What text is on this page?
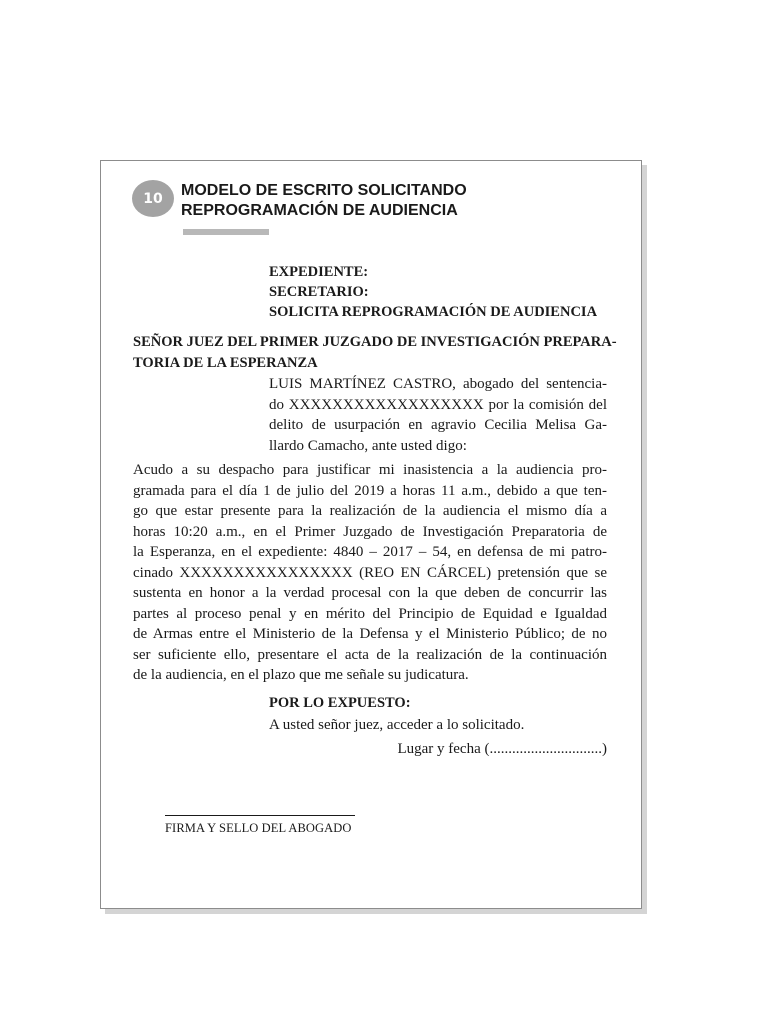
10 MODELO DE ESCRITO SOLICITANDO
REPROGRAMACIÓN DE AUDIENCIA
EXPEDIENTE:
SECRETARIO:
SOLICITA REPROGRAMACIÓN DE AUDIENCIA
SEÑOR JUEZ DEL PRIMER JUZGADO DE INVESTIGACIÓN PREPARA-
TORIA DE LA ESPERANZA
LUIS MARTÍNEZ CASTRO, abogado del sentencia-
do XXXXXXXXXXXXXXXXXX por la comisión del
delito de usurpación en agravio Cecilia Melisa Ga-
llardo Camacho, ante usted digo:
Acudo a su despacho para justificar mi inasistencia a la audiencia pro-
gramada para el día 1 de julio del 2019 a horas 11 a.m., debido a que ten-
go que estar presente para la realización de la audiencia el mismo día a
horas 10:20 a.m., en el Primer Juzgado de Investigación Preparatoria de
la Esperanza, en el expediente: 4840 – 2017 – 54, en defensa de mi patro-
cinado XXXXXXXXXXXXXXXX (REO EN CÁRCEL) pretensión que se
sustenta en honor a la verdad procesal con la que deben de concurrir las
partes al proceso penal y en mérito del Principio de Equidad e Igualdad
de Armas entre el Ministerio de la Defensa y el Ministerio Público; de no
ser suficiente ello, presentare el acta de la realización de la continuación
de la audiencia, en el plazo que me señale su judicatura.
POR LO EXPUESTO:
A usted señor juez, acceder a lo solicitado.
Lugar y fecha (..............................)
FIRMA Y SELLO DEL ABOGADO
